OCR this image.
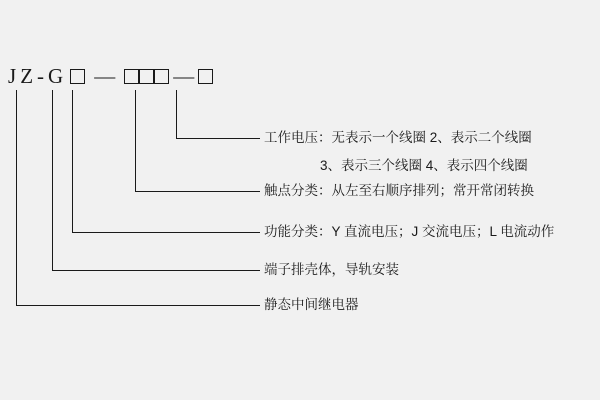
J Z - G —	—
工作电压：无表示一个线圈 2、表示二个线圈
3、表示三个线圈 4、表示四个线圈
触点分类：从左至右顺序排列；常开常闭转换
功能分类：Y 直流电压；J 交流电压；L 电流动作
端子排壳体，导轨安装
静态中间继电器
